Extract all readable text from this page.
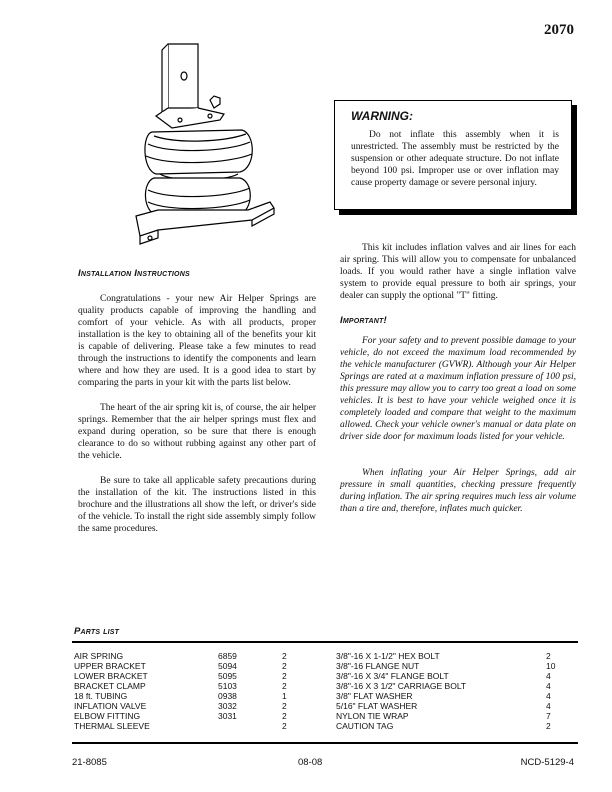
2070

WARNING:

Do not inflate this assembly when it is unrestricted. The assembly must be restricted by the suspension or other adequate structure. Do not inflate beyond 100 psi. Improper use or over inflation may cause property damage or severe personal injury.

Installation Instructions

Congratulations - your new Air Helper Springs are quality products capable of improving the handling and comfort of your vehicle. As with all products, proper installation is the key to obtaining all of the benefits your kit is capable of delivering. Please take a few minutes to read through the instructions to identify the components and learn where and how they are used. It is a good idea to start by comparing the parts in your kit with the parts list below.

The heart of the air spring kit is, of course, the air helper springs. Remember that the air helper springs must flex and expand during operation, so be sure that there is enough clearance to do so without rubbing against any other part of the vehicle.

Be sure to take all applicable safety precautions during the installation of the kit. The instructions listed in this brochure and the illustrations all show the left, or driver's side of the vehicle. To install the right side assembly simply follow the same procedures.

This kit includes inflation valves and air lines for each air spring. This will allow you to compensate for unbalanced loads. If you would rather have a single inflation valve system to provide equal pressure to both air springs, your dealer can supply the optional "T" fitting.

Important!

For your safety and to prevent possible damage to your vehicle, do not exceed the maximum load recommended by the vehicle manufacturer (GVWR). Although your Air Helper Springs are rated at a maximum inflation pressure of 100 psi, this pressure may allow you to carry too great a load on some vehicles. It is best to have your vehicle weighed once it is completely loaded and compare that weight to the maximum allowed. Check your vehicle owner's manual or data plate on driver side door for maximum loads listed for your vehicle.

When inflating your Air Helper Springs, add air pressure in small quantities, checking pressure frequently during inflation. The air spring requires much less air volume than a tire and, therefore, inflates much quicker.

Parts list

AIR SPRING	6859	2	3/8"-16 X 1-1/2" HEX BOLT	2
UPPER BRACKET	5094	2	3/8"-16 FLANGE NUT	10
LOWER BRACKET	5095	2	3/8"-16 X 3/4" FLANGE BOLT	4
BRACKET CLAMP	5103	2	3/8"-16 X 3 1/2" CARRIAGE BOLT	4
18 ft. TUBING	0938	1	3/8" FLAT WASHER	4
INFLATION VALVE	3032	2	5/16" FLAT WASHER	4
ELBOW FITTING	3031	2	NYLON TIE WRAP	7
THERMAL SLEEVE		2	CAUTION TAG	2
21-8085	08-08	NCD-5129-4
